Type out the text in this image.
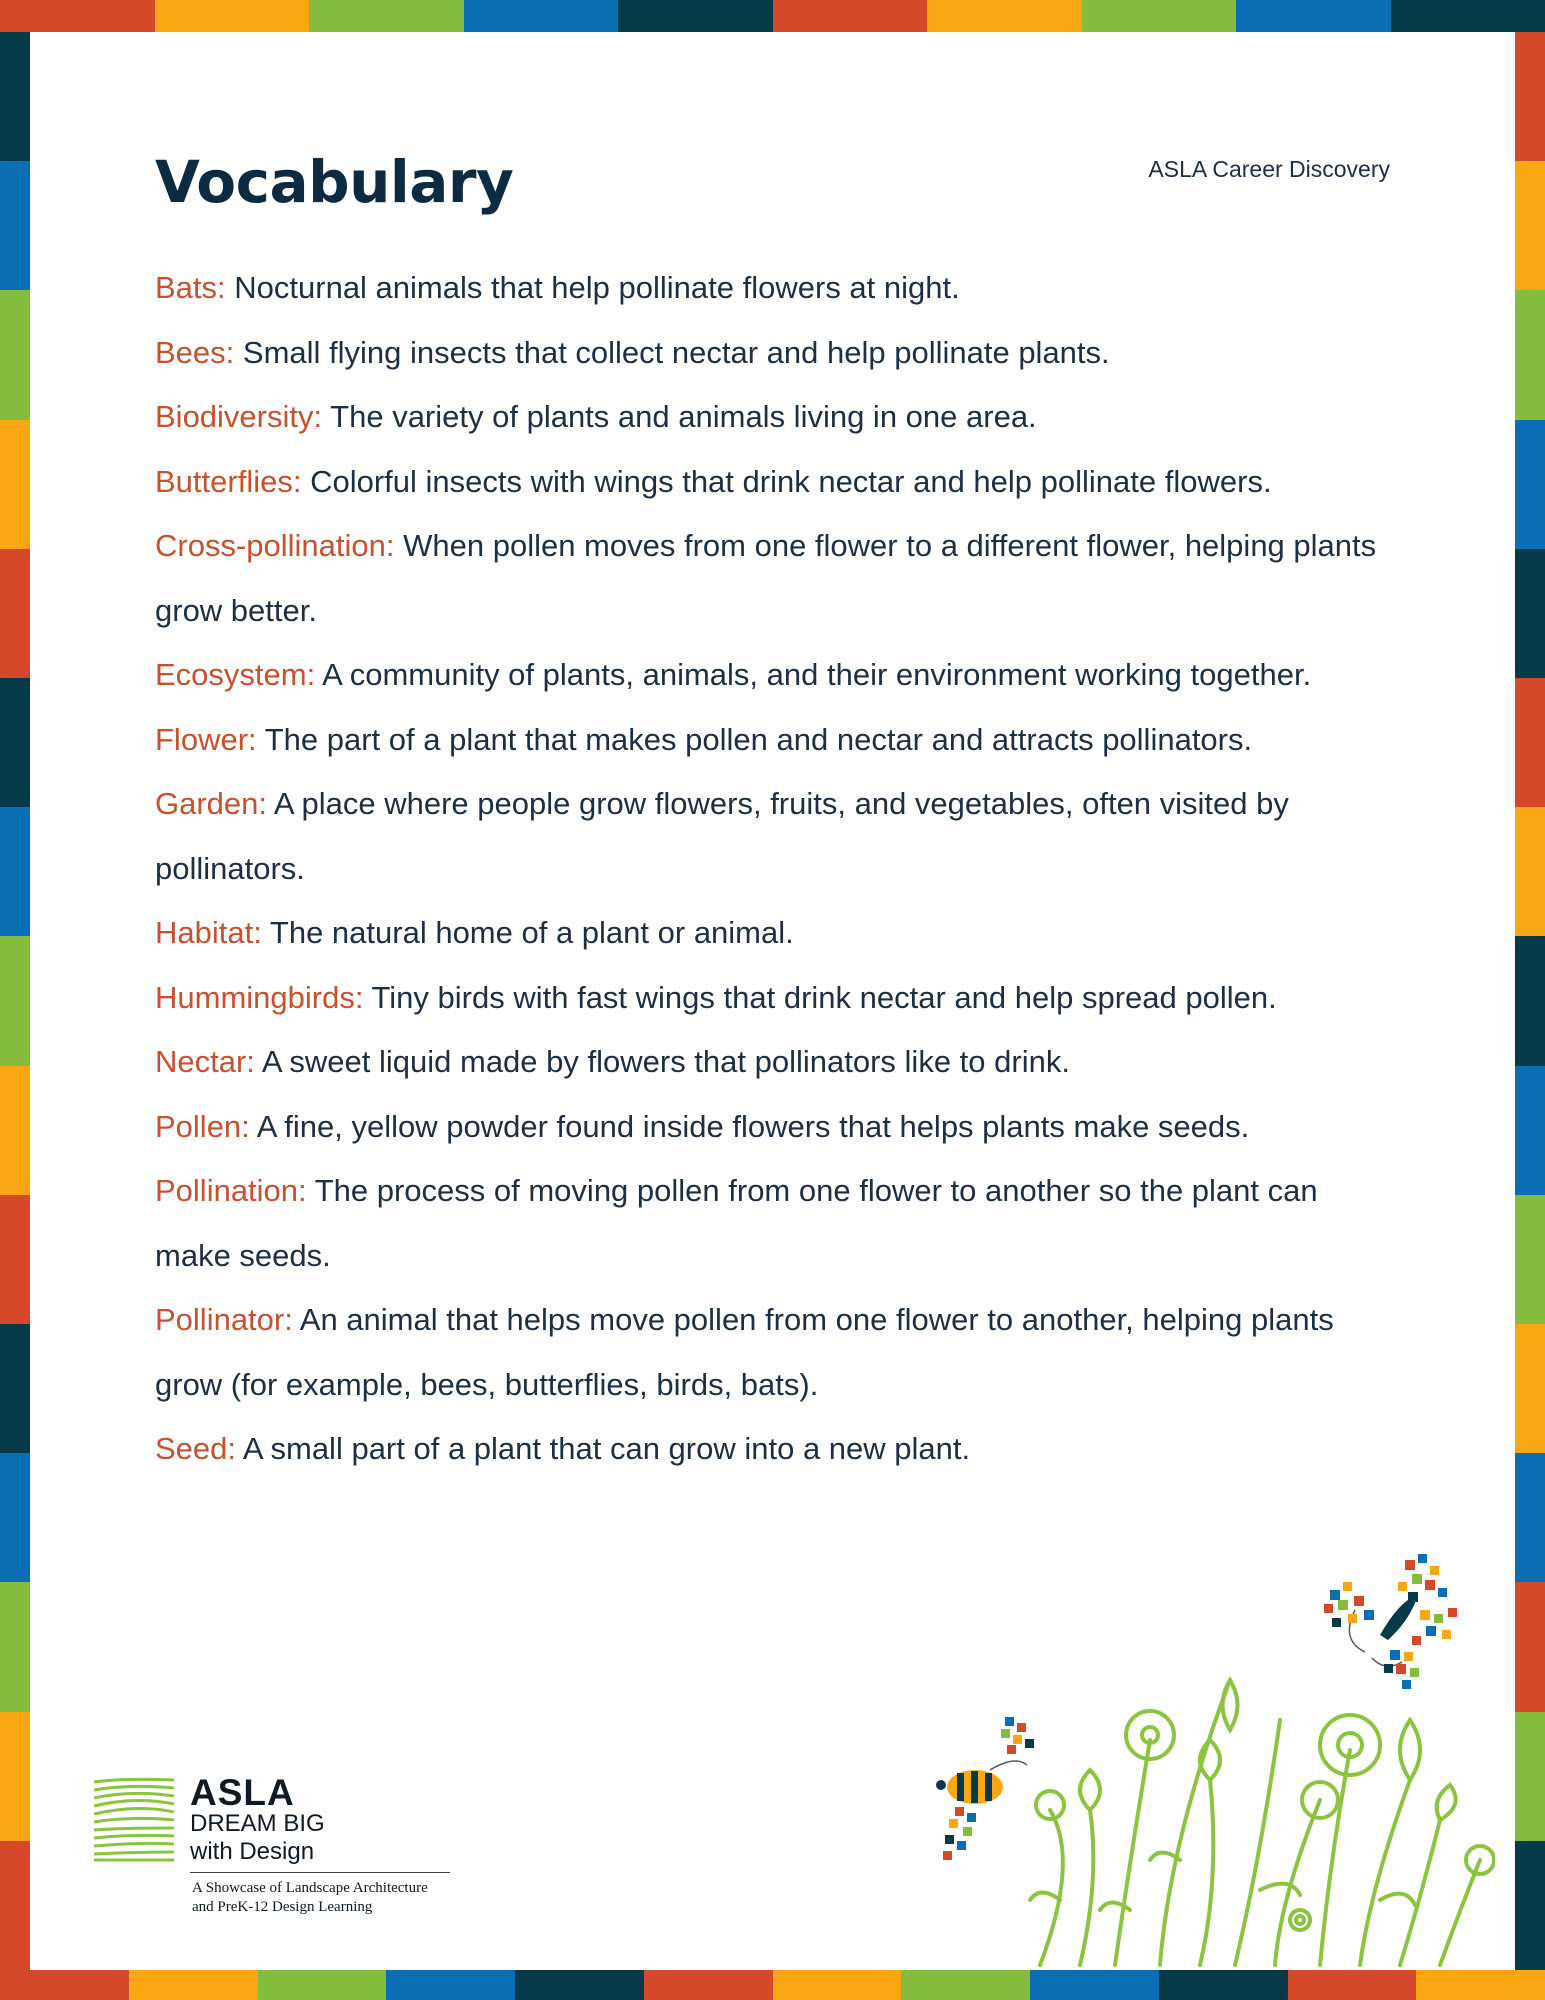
Vocabulary	ASLA Career Discovery
Bats: Nocturnal animals that help pollinate flowers at night.
Bees: Small flying insects that collect nectar and help pollinate plants.
Biodiversity: The variety of plants and animals living in one area.
Butterflies: Colorful insects with wings that drink nectar and help pollinate flowers.
Cross-pollination: When pollen moves from one flower to a different flower, helping plants grow better.
Ecosystem: A community of plants, animals, and their environment working together.
Flower: The part of a plant that makes pollen and nectar and attracts pollinators.
Garden: A place where people grow flowers, fruits, and vegetables, often visited by pollinators.
Habitat: The natural home of a plant or animal.
Hummingbirds: Tiny birds with fast wings that drink nectar and help spread pollen.
Nectar: A sweet liquid made by flowers that pollinators like to drink.
Pollen: A fine, yellow powder found inside flowers that helps plants make seeds.
Pollination: The process of moving pollen from one flower to another so the plant can make seeds.
Pollinator: An animal that helps move pollen from one flower to another, helping plants grow (for example, bees, butterflies, birds, bats).
Seed: A small part of a plant that can grow into a new plant.
ASLA
DREAM BIG
with Design
A Showcase of Landscape Architecture
and PreK-12 Design Learning
